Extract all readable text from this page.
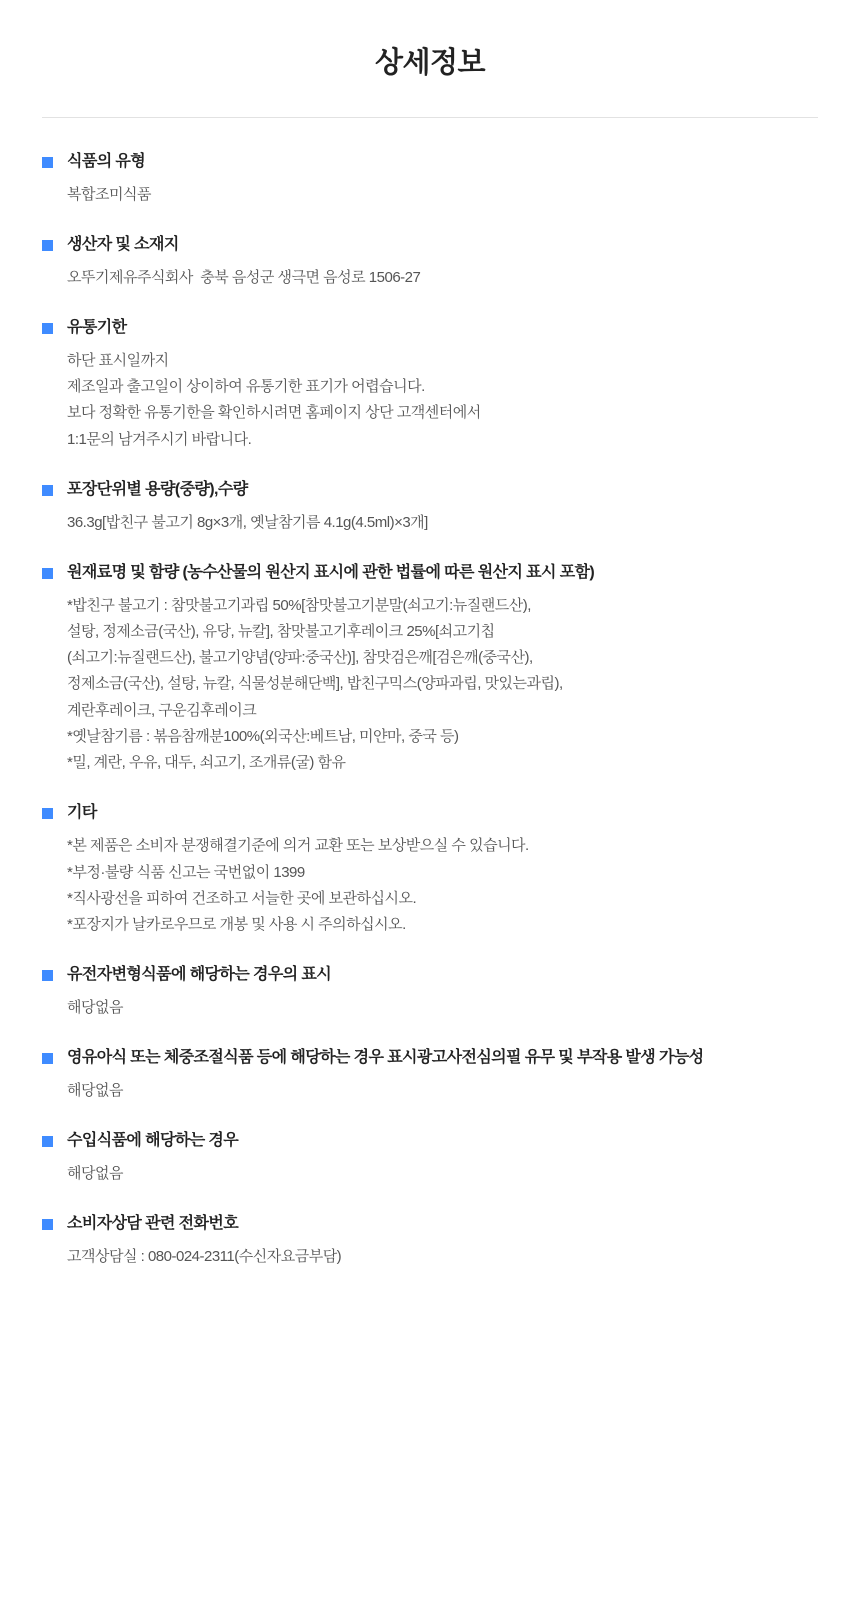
상세정보
식품의 유형
복합조미식품
생산자 및 소재지
오뚜기제유주식회사  충북 음성군 생극면 음성로 1506-27
유통기한
하단 표시일까지
제조일과 출고일이 상이하여 유통기한 표기가 어렵습니다.
보다 정확한 유통기한을 확인하시려면 홈페이지 상단 고객센터에서
1:1문의 남겨주시기 바랍니다.
포장단위별 용량(중량),수량
36.3g[밥친구 불고기 8g×3개, 옛날참기름 4.1g(4.5ml)×3개]
원재료명 및 함량 (농수산물의 원산지 표시에 관한 법률에 따른 원산지 표시 포함)
*밥친구 불고기 : 참맛불고기과립 50%[참맛불고기분말(쇠고기:뉴질랜드산),
설탕, 정제소금(국산), 유당, 뉴칼], 참맛불고기후레이크 25%[쇠고기칩
(쇠고기:뉴질랜드산), 불고기양념(양파:중국산)], 참맛검은깨[검은깨(중국산),
정제소금(국산), 설탕, 뉴칼, 식물성분해단백], 밥친구믹스(양파과립, 맛있는과립),
계란후레이크, 구운김후레이크
*옛날참기름 : 볶음참깨분100%(외국산:베트남, 미얀마, 중국 등)
*밀, 계란, 우유, 대두, 쇠고기, 조개류(굴) 함유
기타
*본 제품은 소비자 분쟁해결기준에 의거 교환 또는 보상받으실 수 있습니다.
*부정·불량 식품 신고는 국번없이 1399
*직사광선을 피하여 건조하고 서늘한 곳에 보관하십시오.
*포장지가 날카로우므로 개봉 및 사용 시 주의하십시오.
유전자변형식품에 해당하는 경우의 표시
해당없음
영유아식 또는 체중조절식품 등에 해당하는 경우 표시광고사전심의필 유무 및 부작용 발생 가능성
해당없음
수입식품에 해당하는 경우
해당없음
소비자상담 관련 전화번호
고객상담실 : 080-024-2311(수신자요금부담)
